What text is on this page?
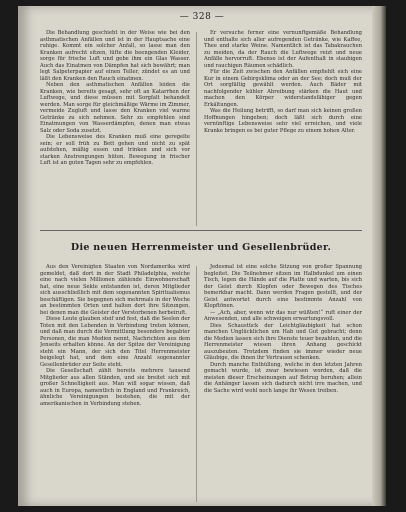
— 328 —

Die Behandlung geschieht in der Weise wie bei den asthmatischen Anfällen und ist in der Hauptsache eine ruhige. Kommt ein solcher Anfall, so lasse man den Kranken aufrecht sitzen, lüfte die beengenden Kleider, sorge für frische Luft und gebe ihm ein Glas Wasser. Auch das Einatmen von Dämpfen hat sich bewährt; man legt Salpeterpapier auf einen Teller, zündet es an und läßt den Kranken den Rauch einatmen.

Neben den asthmatischen Anfällen leiden die Kranken, wie bereits gesagt, sehr oft an Katarrhen der Luftwege, und diese müssen mit Sorgfalt behandelt werden. Man sorge für gleichmäßige Wärme im Zimmer, vermeide Zugluft und lasse den Kranken viel warme Getränke zu sich nehmen. Sehr zu empfehlen sind Einatmungen von Wasserdämpfen, denen man etwas Salz oder Soda zusetzt.

Die Lebensweise des Kranken muß eine geregelte sein; er soll früh zu Bett gehen und nicht zu spät aufstehen, mäßig essen und trinken und sich vor starken Anstrengungen hüten. Bewegung in frischer Luft ist an guten Tagen sehr zu empfehlen.

Er versuche ferner eine vernunftgemäße Behandlung und enthalte sich aller aufregenden Getränke, wie Kaffee, Thee und starke Weine. Namentlich ist das Tabakrauchen zu meiden, da der Rauch die Luftwege reizt und neue Anfälle hervorruft. Ebenso ist der Aufenthalt in staubigen und rauchigen Räumen schädlich.

Für die Zeit zwischen den Anfällen empfiehlt sich eine Kur in einem Gebirgsklima oder an der See; doch muß der Ort sorgfältig gewählt werden. Auch Bäder mit nachfolgender kühler Abreibung stärken die Haut und machen den Körper widerstandsfähiger gegen Erkältungen.

Was die Heilung betrifft, so darf man sich keinen großen Hoffnungen hingeben; doch läßt sich durch eine vernünftige Lebensweise sehr viel erreichen, und viele Kranke bringen es bei guter Pflege zu einem hohen Alter.

Die neuen Herrenmeister und Gesellenbrüder.

Aus den Vereinigten Staaten von Nordamerika wird gemeldet, daß dort in der Stadt Philadelphia, welche eine nach vielen Millionen zählende Einwohnerschaft hat, eine neue Sekte entstanden ist, deren Mitglieder sich ausschließlich mit dem sogenannten Spiritualismus beschäftigen. Sie begegnen sich mehrmals in der Woche an bestimmten Orten und halten dort ihre Sitzungen, bei denen man die Geister der Verstorbenen herbeiruft.

Diese Leute glauben steif und fest, daß die Seelen der Toten mit den Lebenden in Verbindung treten können, und daß man durch die Vermittlung besonders begabter Personen, die man Medien nennt, Nachrichten aus dem Jenseits erhalten könne. An der Spitze der Vereinigung steht ein Mann, der sich den Titel Herrenmeister beigelegt hat, und dem eine Anzahl sogenannter Gesellenbrüder zur Seite steht.

Die Gesellschaft zählt bereits mehrere tausend Mitglieder aus allen Ständen, und sie breitet sich mit großer Schnelligkeit aus. Man will sogar wissen, daß auch in Europa, namentlich in England und Frankreich, ähnliche Vereinigungen bestehen, die mit der amerikanischen in Verbindung stehen.

Jedesmal ist eine solche Sitzung von großer Spannung begleitet. Die Teilnehmer sitzen im Halbdunkel um einen Tisch, legen die Hände auf die Platte und warten, bis sich der Geist durch Klopfen oder Bewegen des Tisches bemerkbar macht. Dann werden Fragen gestellt, und der Geist antwortet durch eine bestimmte Anzahl von Klopftönen.

— „Ach, aber, wenn wir das nur wüßten!“ ruft einer der Anwesenden, und alle schweigen erwartungsvoll.

Dies Schaustück der Leichtgläubigkeit hat schon manchen Unglücklichen um Hab und Gut gebracht; denn die Medien lassen sich ihre Dienste teuer bezahlen, und die Herrenmeister wissen ihren Anhang geschickt auszubeuten. Trotzdem finden sie immer wieder neue Gläubige, die ihnen ihr Vertrauen schenken.

Durch manche Enthüllung, welche in den letzten Jahren gemacht wurde, ist zwar bewiesen worden, daß die meisten dieser Erscheinungen auf Betrug beruhen; allein die Anhänger lassen sich dadurch nicht irre machen, und die Sache wird wohl noch lange ihr Wesen treiben.
